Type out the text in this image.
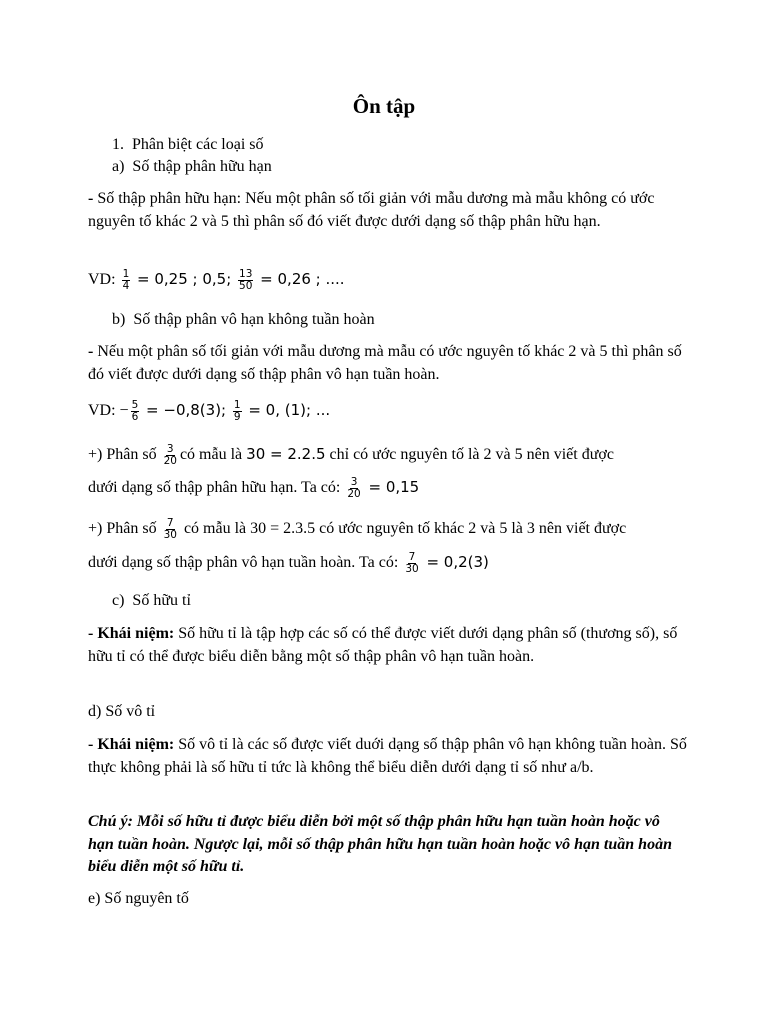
Ôn tập
1.  Phân biệt các loại số
a)  Số thập phân hữu hạn
- Số thập phân hữu hạn: Nếu một phân số tối giản với mẫu dương mà mẫu không có ước nguyên tố khác 2 và 5 thì phân số đó viết được dưới dạng số thập phân hữu hạn.
VD: $\frac{1}{4} = 0,25$ ; 0,5; $\frac{13}{50} = 0,26$ ; ....
b)  Số thập phân vô hạn không tuần hoàn
- Nếu một phân số tối giản với mẫu dương mà mẫu có ước nguyên tố khác 2 và 5 thì phân số đó viết được dưới dạng số thập phân vô hạn tuần hoàn.
VD: − $\frac{5}{6} = -0,8(3)$; $\frac{1}{9} = 0$, (1); ...
+) Phân số $\frac{3}{20}$ có mẫu là 30 = 2.2.5 chỉ có ước nguyên tố là 2 và 5 nên viết được
dưới dạng số thập phân hữu hạn. Ta có: $\frac{3}{20} = 0,15$
+) Phân số $\frac{7}{30}$ có mẫu là 30 = 2.3.5 có ước nguyên tố khác 2 và 5 là 3 nên viết được
dưới dạng số thập phân vô hạn tuần hoàn. Ta có: $\frac{7}{30} = 0,2(3)$
c)  Số hữu tỉ
- Khái niệm: Số hữu tỉ là tập hợp các số có thể được viết dưới dạng phân số (thương số), số hữu tỉ có thể được biểu diễn bằng một số thập phân vô hạn tuần hoàn.
d) Số vô tỉ
- Khái niệm: Số vô tỉ là các số được viết duới dạng số thập phân vô hạn không tuần hoàn. Số thực không phải là số hữu tỉ tức là không thể biểu diễn dưới dạng tỉ số như a/b.
Chú ý: Mỗi số hữu tỉ được biểu diễn bởi một số thập phân hữu hạn tuần hoàn hoặc vô hạn tuần hoàn. Ngược lại, mỗi số thập phân hữu hạn tuần hoàn hoặc vô hạn tuần hoàn biểu diễn một số hữu tỉ.
e) Số nguyên tố
